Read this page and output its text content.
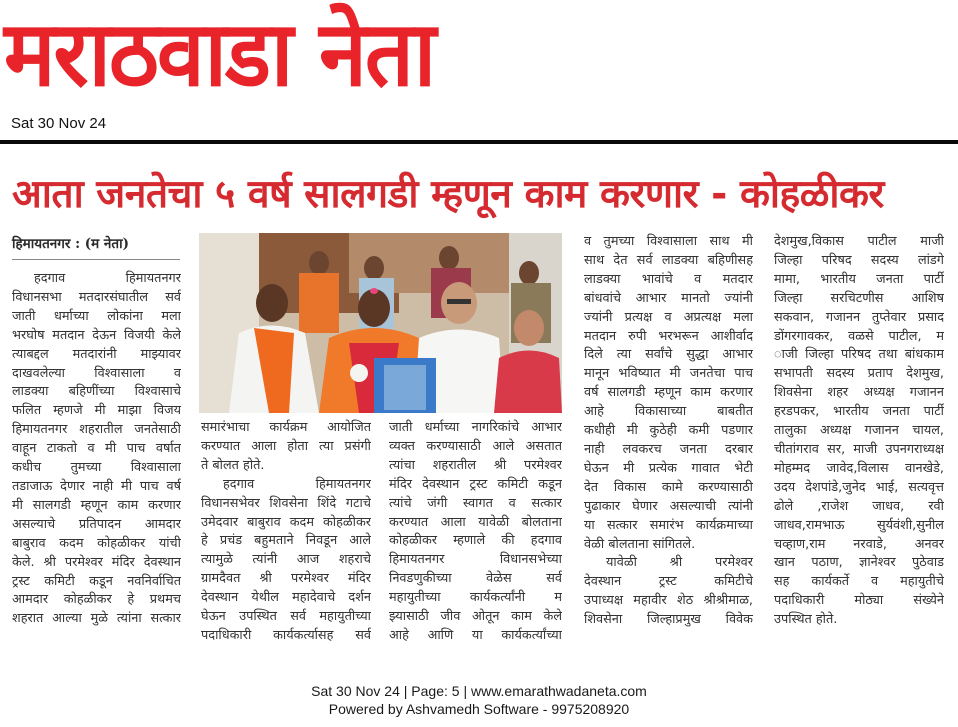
मराठवाडा नेता
Sat 30 Nov 24
आता जनतेचा ५ वर्ष सालगडी म्हणून काम करणार - कोहळीकर
हिमायतनगर : (म नेता)
हदगाव हिमायतनगर
विधानसभा मतदारसंघातील सर्व
जाती धर्माच्या लोकांना मला
भरघोष मतदान देऊन विजयी केले
त्याबद्दल मतदारांनी माझ्यावर
दाखवलेल्या विश्वासाला व
लाडक्या बहिणींच्या विश्वासाचे
फलित म्हणजे मी माझा विजय
हिमायतनगर शहरातील जनतेसाठी
वाहून टाकतो व मी पाच वर्षात
कधीच तुमच्या विश्वासाला
तडाजाऊ देणार नाही मी पाच वर्ष
मी सालगडी म्हणून काम करणार
असल्याचे प्रतिपादन आमदार
बाबुराव कदम कोहळीकर यांची
केले. श्री परमेश्वर मंदिर देवस्थान
ट्रस्ट कमिटी कडून नवनिर्वाचित
आमदार कोहळीकर हे प्रथमच
शहरात आल्या मुळे त्यांना सत्कार
समारंभाचा कार्यक्रम आयोजित
करण्यात आला होता त्या प्रसंगी
ते बोलत होते.
हदगाव हिमायतनगर
विधानसभेवर शिवसेना शिंदे गटाचे
उमेदवार बाबुराव कदम कोहळीकर
हे प्रचंड बहुमताने निवडून आले
त्यामुळे त्यांनी आज शहराचे
ग्रामदैवत श्री परमेश्वर मंदिर
देवस्थान येथील महादेवाचे दर्शन
घेऊन उपस्थित सर्व महायुतीच्या
पदाधिकारी कार्यकर्त्यासह सर्व
जाती धर्माच्या नागरिकांचे आभार
व्यक्त करण्यासाठी आले असतात
त्यांचा शहरातील श्री परमेश्वर
मंदिर देवस्थान ट्रस्ट कमिटी कडून
त्यांचे जंगी स्वागत व सत्कार
करण्यात आला यावेळी बोलताना
कोहळीकर म्हणाले की हदगाव
हिमायतनगर विधानसभेच्या
निवडणुकीच्या वेळेस सर्व
महायुतीच्या कार्यकर्त्यांनी म
झ्यासाठी जीव ओतून काम केले
आहे आणि या कार्यकर्त्यांच्या
व तुमच्या विश्वासाला साथ मी
साथ देत सर्व लाडक्या बहिणीसह
लाडक्या भावांचे व मतदार
बांधवांचे आभार मानतो ज्यांनी
ज्यांनी प्रत्यक्ष व अप्रत्यक्ष मला
मतदान रुपी भरभरून आशीर्वाद
दिले त्या सर्वांचे सुद्धा आभार
मानून भविष्यात मी जनतेचा पाच
वर्ष सालगडी म्हणून काम करणार
आहे विकासाच्या बाबतीत
कधीही मी कुठेही कमी पडणार
नाही लवकरच जनता दरबार
घेऊन मी प्रत्येक गावात भेटी
देत विकास कामे करण्यासाठी
पुढाकार घेणार असल्याची त्यांनी
या सत्कार समारंभ कार्यक्रमाच्या
वेळी बोलताना सांगितले.
यावेळी श्री परमेश्वर
देवस्थान ट्रस्ट कमिटीचे
उपाध्यक्ष महावीर शेठ श्रीश्रीमाळ,
शिवसेना जिल्हाप्रमुख विवेक
देशमुख,विकास पाटील माजी
जिल्हा परिषद सदस्य लांडगे
मामा, भारतीय जनता पार्टी
जिल्हा सरचिटणीस आशिष
सकवान, गजानन तुप्तेवार प्रसाद
डोंगरगावकर, वळसे पाटील, म
ाजी जिल्हा परिषद तथा बांधकाम
सभापती सदस्य प्रताप देशमुख,
शिवसेना शहर अध्यक्ष गजानन
हरडपकर, भारतीय जनता पार्टी
तालुका अध्यक्ष गजानन चायल,
चीतांगराव सर, माजी उपनगराध्यक्ष
मोहम्मद जावेद,विलास वानखेडे,
उदय देशपांडे,जुनेद भाई, सत्यवृत्त
ढोले ,राजेश जाधव, रवी
जाधव,रामभाऊ सुर्यवंशी,सुनील
चव्हाण,राम नरवाडे, अनवर
खान पठाण, ज्ञानेश्वर पुठेवाड
सह कार्यकर्ते व महायुतीचे
पदाधिकारी मोठ्या संख्येने
उपस्थित होते.
Sat 30 Nov 24 | Page: 5 | www.emarathwadaneta.com
Powered by Ashvamedh Software - 9975208920
